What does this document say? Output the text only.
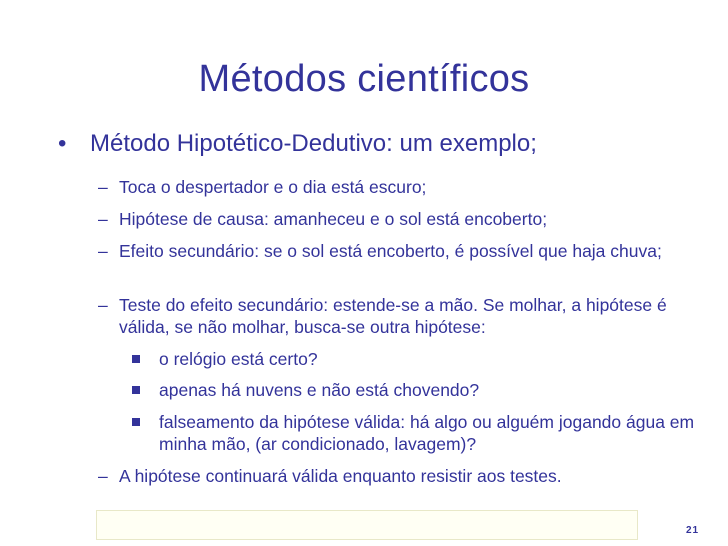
Métodos científicos
• Método Hipotético-Dedutivo: um exemplo;
– Toca o despertador e o dia está escuro;
– Hipótese de causa: amanheceu e o sol está encoberto;
– Efeito secundário: se o sol está encoberto, é possível que haja chuva;
– Teste do efeito secundário: estende-se a mão. Se molhar, a hipótese é válida, se não molhar, busca-se outra hipótese:
o relógio está certo?
apenas há nuvens e não está chovendo?
falseamento da hipótese válida: há algo ou alguém jogando água em minha mão, (ar condicionado, lavagem)?
– A hipótese continuará válida enquanto resistir aos testes.
21
